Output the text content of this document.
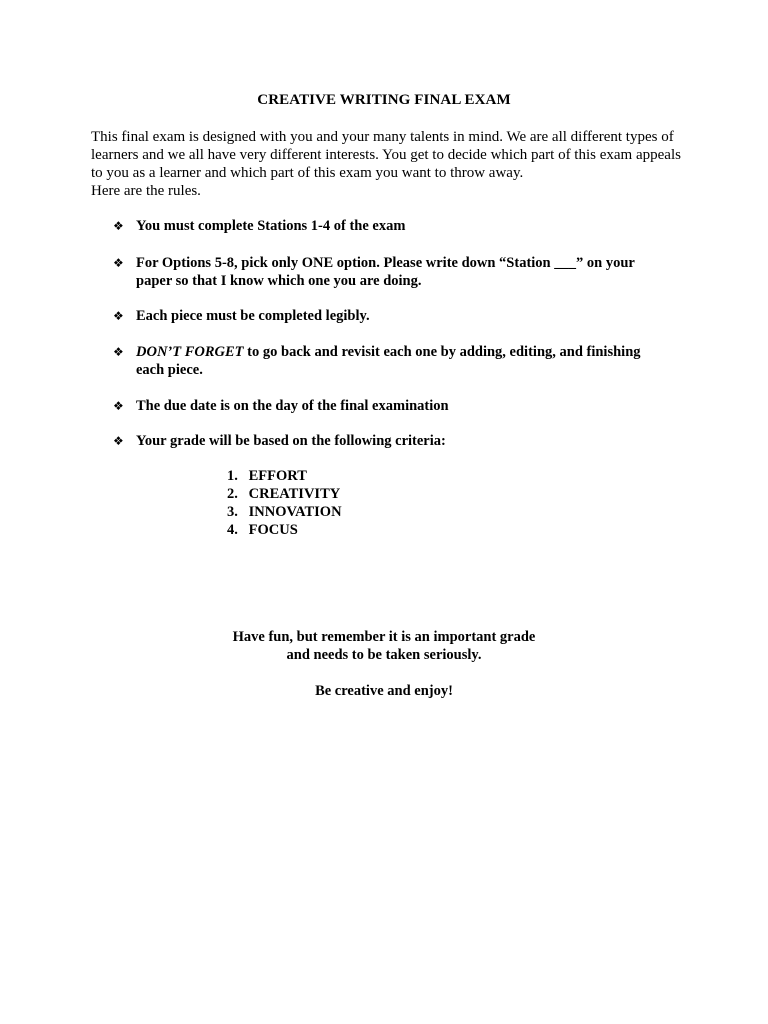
CREATIVE WRITING FINAL EXAM
This final exam is designed with you and your many talents in mind. We are all different types of
learners and we all have very different interests. You get to decide which part of this exam appeals
to you as a learner and which part of this exam you want to throw away.
Here are the rules.
❖ You must complete Stations 1-4 of the exam
❖ For Options 5-8, pick only ONE option. Please write down “Station ___” on your
paper so that I know which one you are doing.
❖ Each piece must be completed legibly.
❖ DON’T FORGET to go back and revisit each one by adding, editing, and finishing
each piece.
❖ The due date is on the day of the final examination
❖ Your grade will be based on the following criteria:
1. EFFORT
2. CREATIVITY
3. INNOVATION
4. FOCUS
Have fun, but remember it is an important grade
and needs to be taken seriously.
Be creative and enjoy!
